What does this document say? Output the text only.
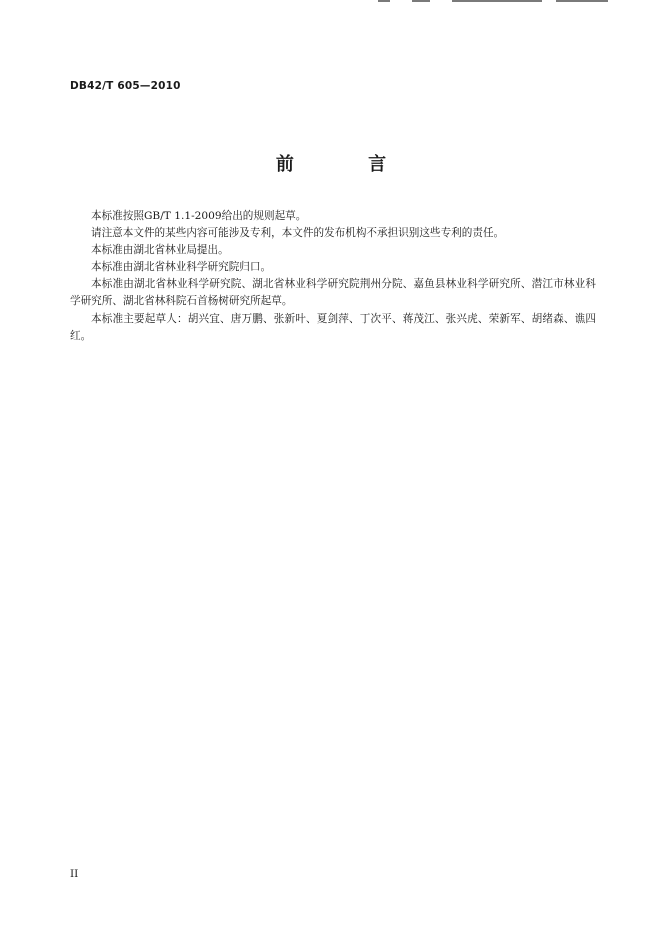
DB42/T 605—2010
前 言

本标准按照GB/T 1.1-2009给出的规则起草。

请注意本文件的某些内容可能涉及专利，本文件的发布机构不承担识别这些专利的责任。

本标准由湖北省林业局提出。

本标准由湖北省林业科学研究院归口。

本标准由湖北省林业科学研究院、湖北省林业科学研究院荆州分院、嘉鱼县林业科学研究所、潜江市林业科学研究所、湖北省林科院石首杨树研究所起草。

本标准主要起草人：胡兴宜、唐万鹏、张新叶、夏剑萍、丁次平、蒋茂江、张兴虎、荣新军、胡绪森、谯四红。

II
